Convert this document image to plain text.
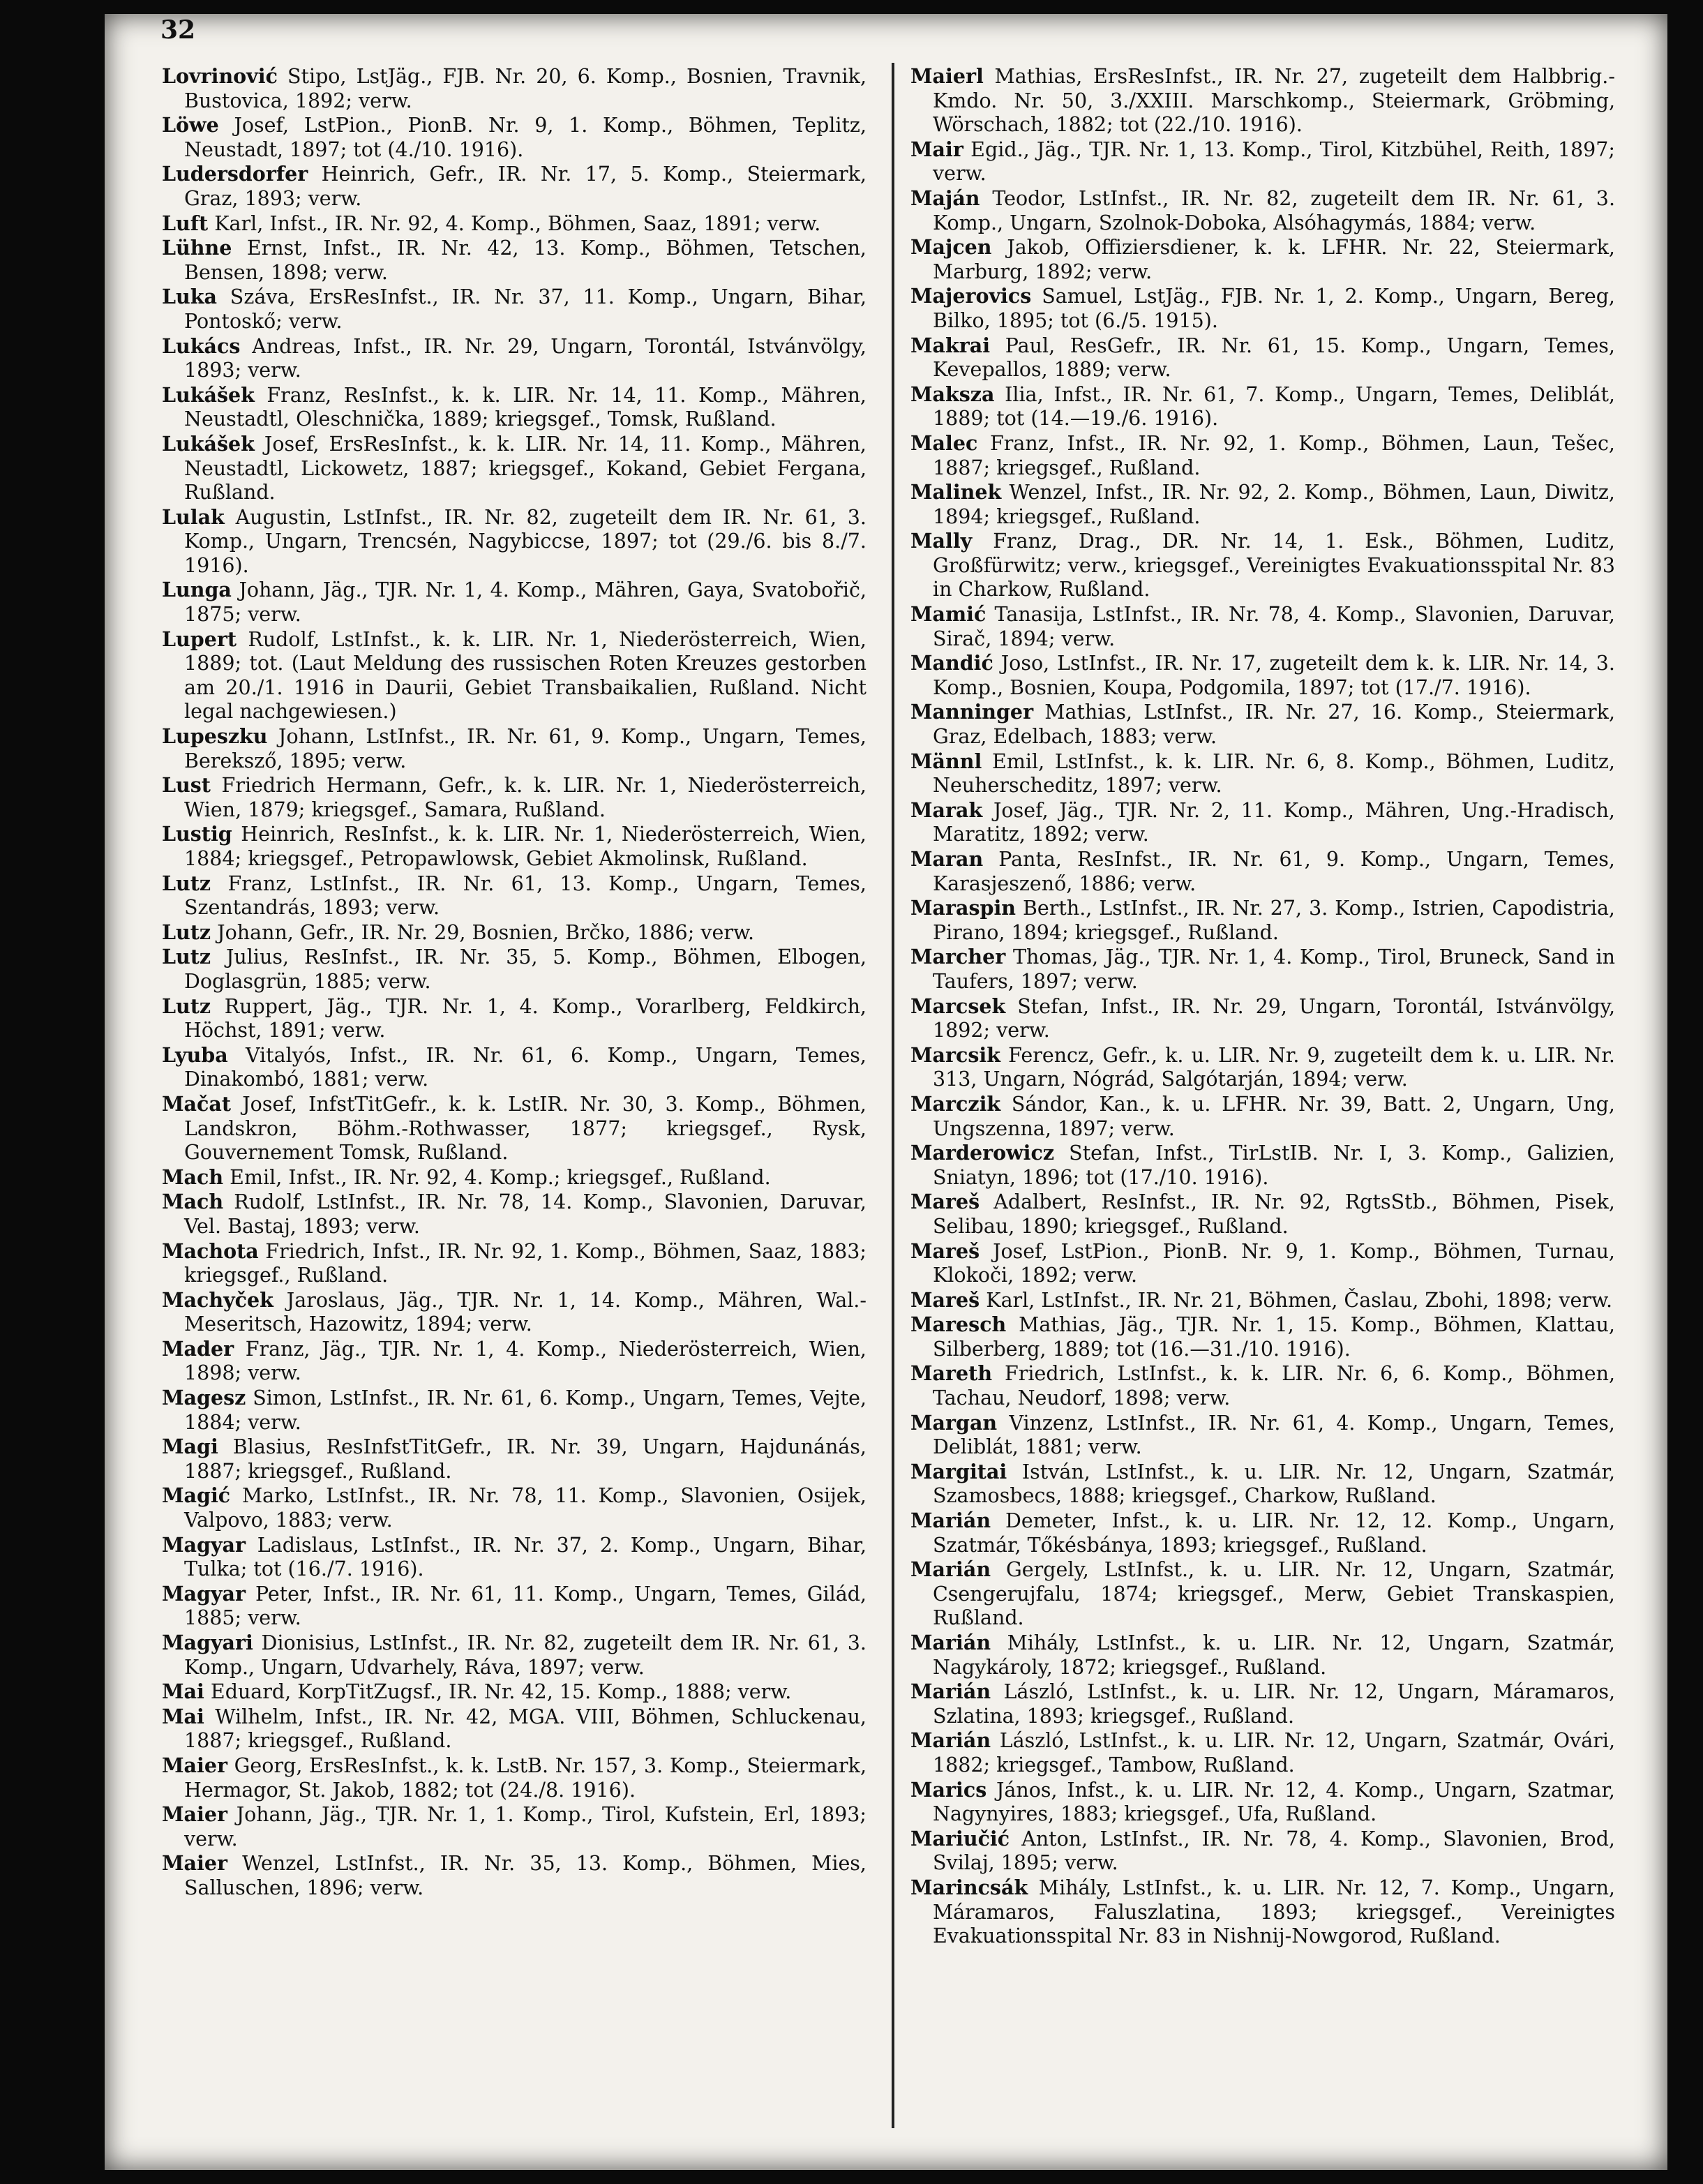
32
Lovrinović Stipo, LstJäg., FJB. Nr. 20, 6. Komp., Bosnien, Travnik, Bustovica, 1892; verw.
Löwe Josef, LstPion., PionB. Nr. 9, 1. Komp., Böhmen, Teplitz, Neustadt, 1897; tot (4./10. 1916).
Ludersdorfer Heinrich, Gefr., IR. Nr. 17, 5. Komp., Steiermark, Graz, 1893; verw.
Luft Karl, Infst., IR. Nr. 92, 4. Komp., Böhmen, Saaz, 1891; verw.
Lühne Ernst, Infst., IR. Nr. 42, 13. Komp., Böhmen, Tetschen, Bensen, 1898; verw.
Luka Száva, ErsResInfst., IR. Nr. 37, 11. Komp., Ungarn, Bihar, Pontoskő; verw.
Lukács Andreas, Infst., IR. Nr. 29, Ungarn, Torontál, Istvánvölgy, 1893; verw.
Lukášek Franz, ResInfst., k. k. LIR. Nr. 14, 11. Komp., Mähren, Neustadtl, Oleschnička, 1889; kriegsgef., Tomsk, Rußland.
Lukášek Josef, ErsResInfst., k. k. LIR. Nr. 14, 11. Komp., Mähren, Neustadtl, Lickowetz, 1887; kriegsgef., Kokand, Gebiet Fergana, Rußland.
Lulak Augustin, LstInfst., IR. Nr. 82, zugeteilt dem IR. Nr. 61, 3. Komp., Ungarn, Trencsén, Nagybiccse, 1897; tot (29./6. bis 8./7. 1916).
Lunga Johann, Jäg., TJR. Nr. 1, 4. Komp., Mähren, Gaya, Svatobořič, 1875; verw.
Lupert Rudolf, LstInfst., k. k. LIR. Nr. 1, Niederösterreich, Wien, 1889; tot. (Laut Meldung des russischen Roten Kreuzes gestorben am 20./1. 1916 in Daurii, Gebiet Transbaikalien, Rußland. Nicht legal nachgewiesen.)
Lupeszku Johann, LstInfst., IR. Nr. 61, 9. Komp., Ungarn, Temes, Bereksző, 1895; verw.
Lust Friedrich Hermann, Gefr., k. k. LIR. Nr. 1, Niederösterreich, Wien, 1879; kriegsgef., Samara, Rußland.
Lustig Heinrich, ResInfst., k. k. LIR. Nr. 1, Niederösterreich, Wien, 1884; kriegsgef., Petropawlowsk, Gebiet Akmolinsk, Rußland.
Lutz Franz, LstInfst., IR. Nr. 61, 13. Komp., Ungarn, Temes, Szentandrás, 1893; verw.
Lutz Johann, Gefr., IR. Nr. 29, Bosnien, Brčko, 1886; verw.
Lutz Julius, ResInfst., IR. Nr. 35, 5. Komp., Böhmen, Elbogen, Doglasgrün, 1885; verw.
Lutz Ruppert, Jäg., TJR. Nr. 1, 4. Komp., Vorarlberg, Feldkirch, Höchst, 1891; verw.
Lyuba Vitalyós, Infst., IR. Nr. 61, 6. Komp., Ungarn, Temes, Dinakombó, 1881; verw.
Mačat Josef, InfstTitGefr., k. k. LstIR. Nr. 30, 3. Komp., Böhmen, Landskron, Böhm.-Rothwasser, 1877; kriegsgef., Rysk, Gouvernement Tomsk, Rußland.
Mach Emil, Infst., IR. Nr. 92, 4. Komp.; kriegsgef., Rußland.
Mach Rudolf, LstInfst., IR. Nr. 78, 14. Komp., Slavonien, Daruvar, Vel. Bastaj, 1893; verw.
Machota Friedrich, Infst., IR. Nr. 92, 1. Komp., Böhmen, Saaz, 1883; kriegsgef., Rußland.
Machyček Jaroslaus, Jäg., TJR. Nr. 1, 14. Komp., Mähren, Wal.-Meseritsch, Hazowitz, 1894; verw.
Mader Franz, Jäg., TJR. Nr. 1, 4. Komp., Niederösterreich, Wien, 1898; verw.
Magesz Simon, LstInfst., IR. Nr. 61, 6. Komp., Ungarn, Temes, Vejte, 1884; verw.
Magi Blasius, ResInfstTitGefr., IR. Nr. 39, Ungarn, Hajdunánás, 1887; kriegsgef., Rußland.
Magić Marko, LstInfst., IR. Nr. 78, 11. Komp., Slavonien, Osijek, Valpovo, 1883; verw.
Magyar Ladislaus, LstInfst., IR. Nr. 37, 2. Komp., Ungarn, Bihar, Tulka; tot (16./7. 1916).
Magyar Peter, Infst., IR. Nr. 61, 11. Komp., Ungarn, Temes, Gilád, 1885; verw.
Magyari Dionisius, LstInfst., IR. Nr. 82, zugeteilt dem IR. Nr. 61, 3. Komp., Ungarn, Udvarhely, Ráva, 1897; verw.
Mai Eduard, KorpTitZugsf., IR. Nr. 42, 15. Komp., 1888; verw.
Mai Wilhelm, Infst., IR. Nr. 42, MGA. VIII, Böhmen, Schluckenau, 1887; kriegsgef., Rußland.
Maier Georg, ErsResInfst., k. k. LstB. Nr. 157, 3. Komp., Steiermark, Hermagor, St. Jakob, 1882; tot (24./8. 1916).
Maier Johann, Jäg., TJR. Nr. 1, 1. Komp., Tirol, Kufstein, Erl, 1893; verw.
Maier Wenzel, LstInfst., IR. Nr. 35, 13. Komp., Böhmen, Mies, Salluschen, 1896; verw.
Maierl Mathias, ErsResInfst., IR. Nr. 27, zugeteilt dem Halbbrig.-Kmdo. Nr. 50, 3./XXIII. Marschkomp., Steiermark, Gröbming, Wörschach, 1882; tot (22./10. 1916).
Mair Egid., Jäg., TJR. Nr. 1, 13. Komp., Tirol, Kitzbühel, Reith, 1897; verw.
Maján Teodor, LstInfst., IR. Nr. 82, zugeteilt dem IR. Nr. 61, 3. Komp., Ungarn, Szolnok-Doboka, Alsóhagymás, 1884; verw.
Majcen Jakob, Offiziersdiener, k. k. LFHR. Nr. 22, Steiermark, Marburg, 1892; verw.
Majerovics Samuel, LstJäg., FJB. Nr. 1, 2. Komp., Ungarn, Bereg, Bilko, 1895; tot (6./5. 1915).
Makrai Paul, ResGefr., IR. Nr. 61, 15. Komp., Ungarn, Temes, Kevepallos, 1889; verw.
Maksza Ilia, Infst., IR. Nr. 61, 7. Komp., Ungarn, Temes, Deliblát, 1889; tot (14.—19./6. 1916).
Malec Franz, Infst., IR. Nr. 92, 1. Komp., Böhmen, Laun, Tešec, 1887; kriegsgef., Rußland.
Malinek Wenzel, Infst., IR. Nr. 92, 2. Komp., Böhmen, Laun, Diwitz, 1894; kriegsgef., Rußland.
Mally Franz, Drag., DR. Nr. 14, 1. Esk., Böhmen, Luditz, Großfürwitz; verw., kriegsgef., Vereinigtes Evakuationsspital Nr. 83 in Charkow, Rußland.
Mamić Tanasija, LstInfst., IR. Nr. 78, 4. Komp., Slavonien, Daruvar, Sirač, 1894; verw.
Mandić Joso, LstInfst., IR. Nr. 17, zugeteilt dem k. k. LIR. Nr. 14, 3. Komp., Bosnien, Koupa, Podgomila, 1897; tot (17./7. 1916).
Manninger Mathias, LstInfst., IR. Nr. 27, 16. Komp., Steiermark, Graz, Edelbach, 1883; verw.
Männl Emil, LstInfst., k. k. LIR. Nr. 6, 8. Komp., Böhmen, Luditz, Neuherscheditz, 1897; verw.
Marak Josef, Jäg., TJR. Nr. 2, 11. Komp., Mähren, Ung.-Hradisch, Maratitz, 1892; verw.
Maran Panta, ResInfst., IR. Nr. 61, 9. Komp., Ungarn, Temes, Karasjeszenő, 1886; verw.
Maraspin Berth., LstInfst., IR. Nr. 27, 3. Komp., Istrien, Capodistria, Pirano, 1894; kriegsgef., Rußland.
Marcher Thomas, Jäg., TJR. Nr. 1, 4. Komp., Tirol, Bruneck, Sand in Taufers, 1897; verw.
Marcsek Stefan, Infst., IR. Nr. 29, Ungarn, Torontál, Istvánvölgy, 1892; verw.
Marcsik Ferencz, Gefr., k. u. LIR. Nr. 9, zugeteilt dem k. u. LIR. Nr. 313, Ungarn, Nógrád, Salgótarján, 1894; verw.
Marczik Sándor, Kan., k. u. LFHR. Nr. 39, Batt. 2, Ungarn, Ung, Ungszenna, 1897; verw.
Marderowicz Stefan, Infst., TirLstIB. Nr. I, 3. Komp., Galizien, Sniatyn, 1896; tot (17./10. 1916).
Mareš Adalbert, ResInfst., IR. Nr. 92, RgtsStb., Böhmen, Pisek, Selibau, 1890; kriegsgef., Rußland.
Mareš Josef, LstPion., PionB. Nr. 9, 1. Komp., Böhmen, Turnau, Klokoči, 1892; verw.
Mareš Karl, LstInfst., IR. Nr. 21, Böhmen, Časlau, Zbohi, 1898; verw.
Maresch Mathias, Jäg., TJR. Nr. 1, 15. Komp., Böhmen, Klattau, Silberberg, 1889; tot (16.—31./10. 1916).
Mareth Friedrich, LstInfst., k. k. LIR. Nr. 6, 6. Komp., Böhmen, Tachau, Neudorf, 1898; verw.
Margan Vinzenz, LstInfst., IR. Nr. 61, 4. Komp., Ungarn, Temes, Deliblát, 1881; verw.
Margitai István, LstInfst., k. u. LIR. Nr. 12, Ungarn, Szatmár, Szamosbecs, 1888; kriegsgef., Charkow, Rußland.
Marián Demeter, Infst., k. u. LIR. Nr. 12, 12. Komp., Ungarn, Szatmár, Tőkésbánya, 1893; kriegsgef., Rußland.
Marián Gergely, LstInfst., k. u. LIR. Nr. 12, Ungarn, Szatmár, Csengerujfalu, 1874; kriegsgef., Merw, Gebiet Transkaspien, Rußland.
Marián Mihály, LstInfst., k. u. LIR. Nr. 12, Ungarn, Szatmár, Nagykároly, 1872; kriegsgef., Rußland.
Marián László, LstInfst., k. u. LIR. Nr. 12, Ungarn, Máramaros, Szlatina, 1893; kriegsgef., Rußland.
Marián László, LstInfst., k. u. LIR. Nr. 12, Ungarn, Szatmár, Ovári, 1882; kriegsgef., Tambow, Rußland.
Marics János, Infst., k. u. LIR. Nr. 12, 4. Komp., Ungarn, Szatmar, Nagynyires, 1883; kriegsgef., Ufa, Rußland.
Mariučić Anton, LstInfst., IR. Nr. 78, 4. Komp., Slavonien, Brod, Svilaj, 1895; verw.
Marincsák Mihály, LstInfst., k. u. LIR. Nr. 12, 7. Komp., Ungarn, Máramaros, Faluszlatina, 1893; kriegsgef., Vereinigtes Evakuationsspital Nr. 83 in Nishnij-Nowgorod, Rußland.
